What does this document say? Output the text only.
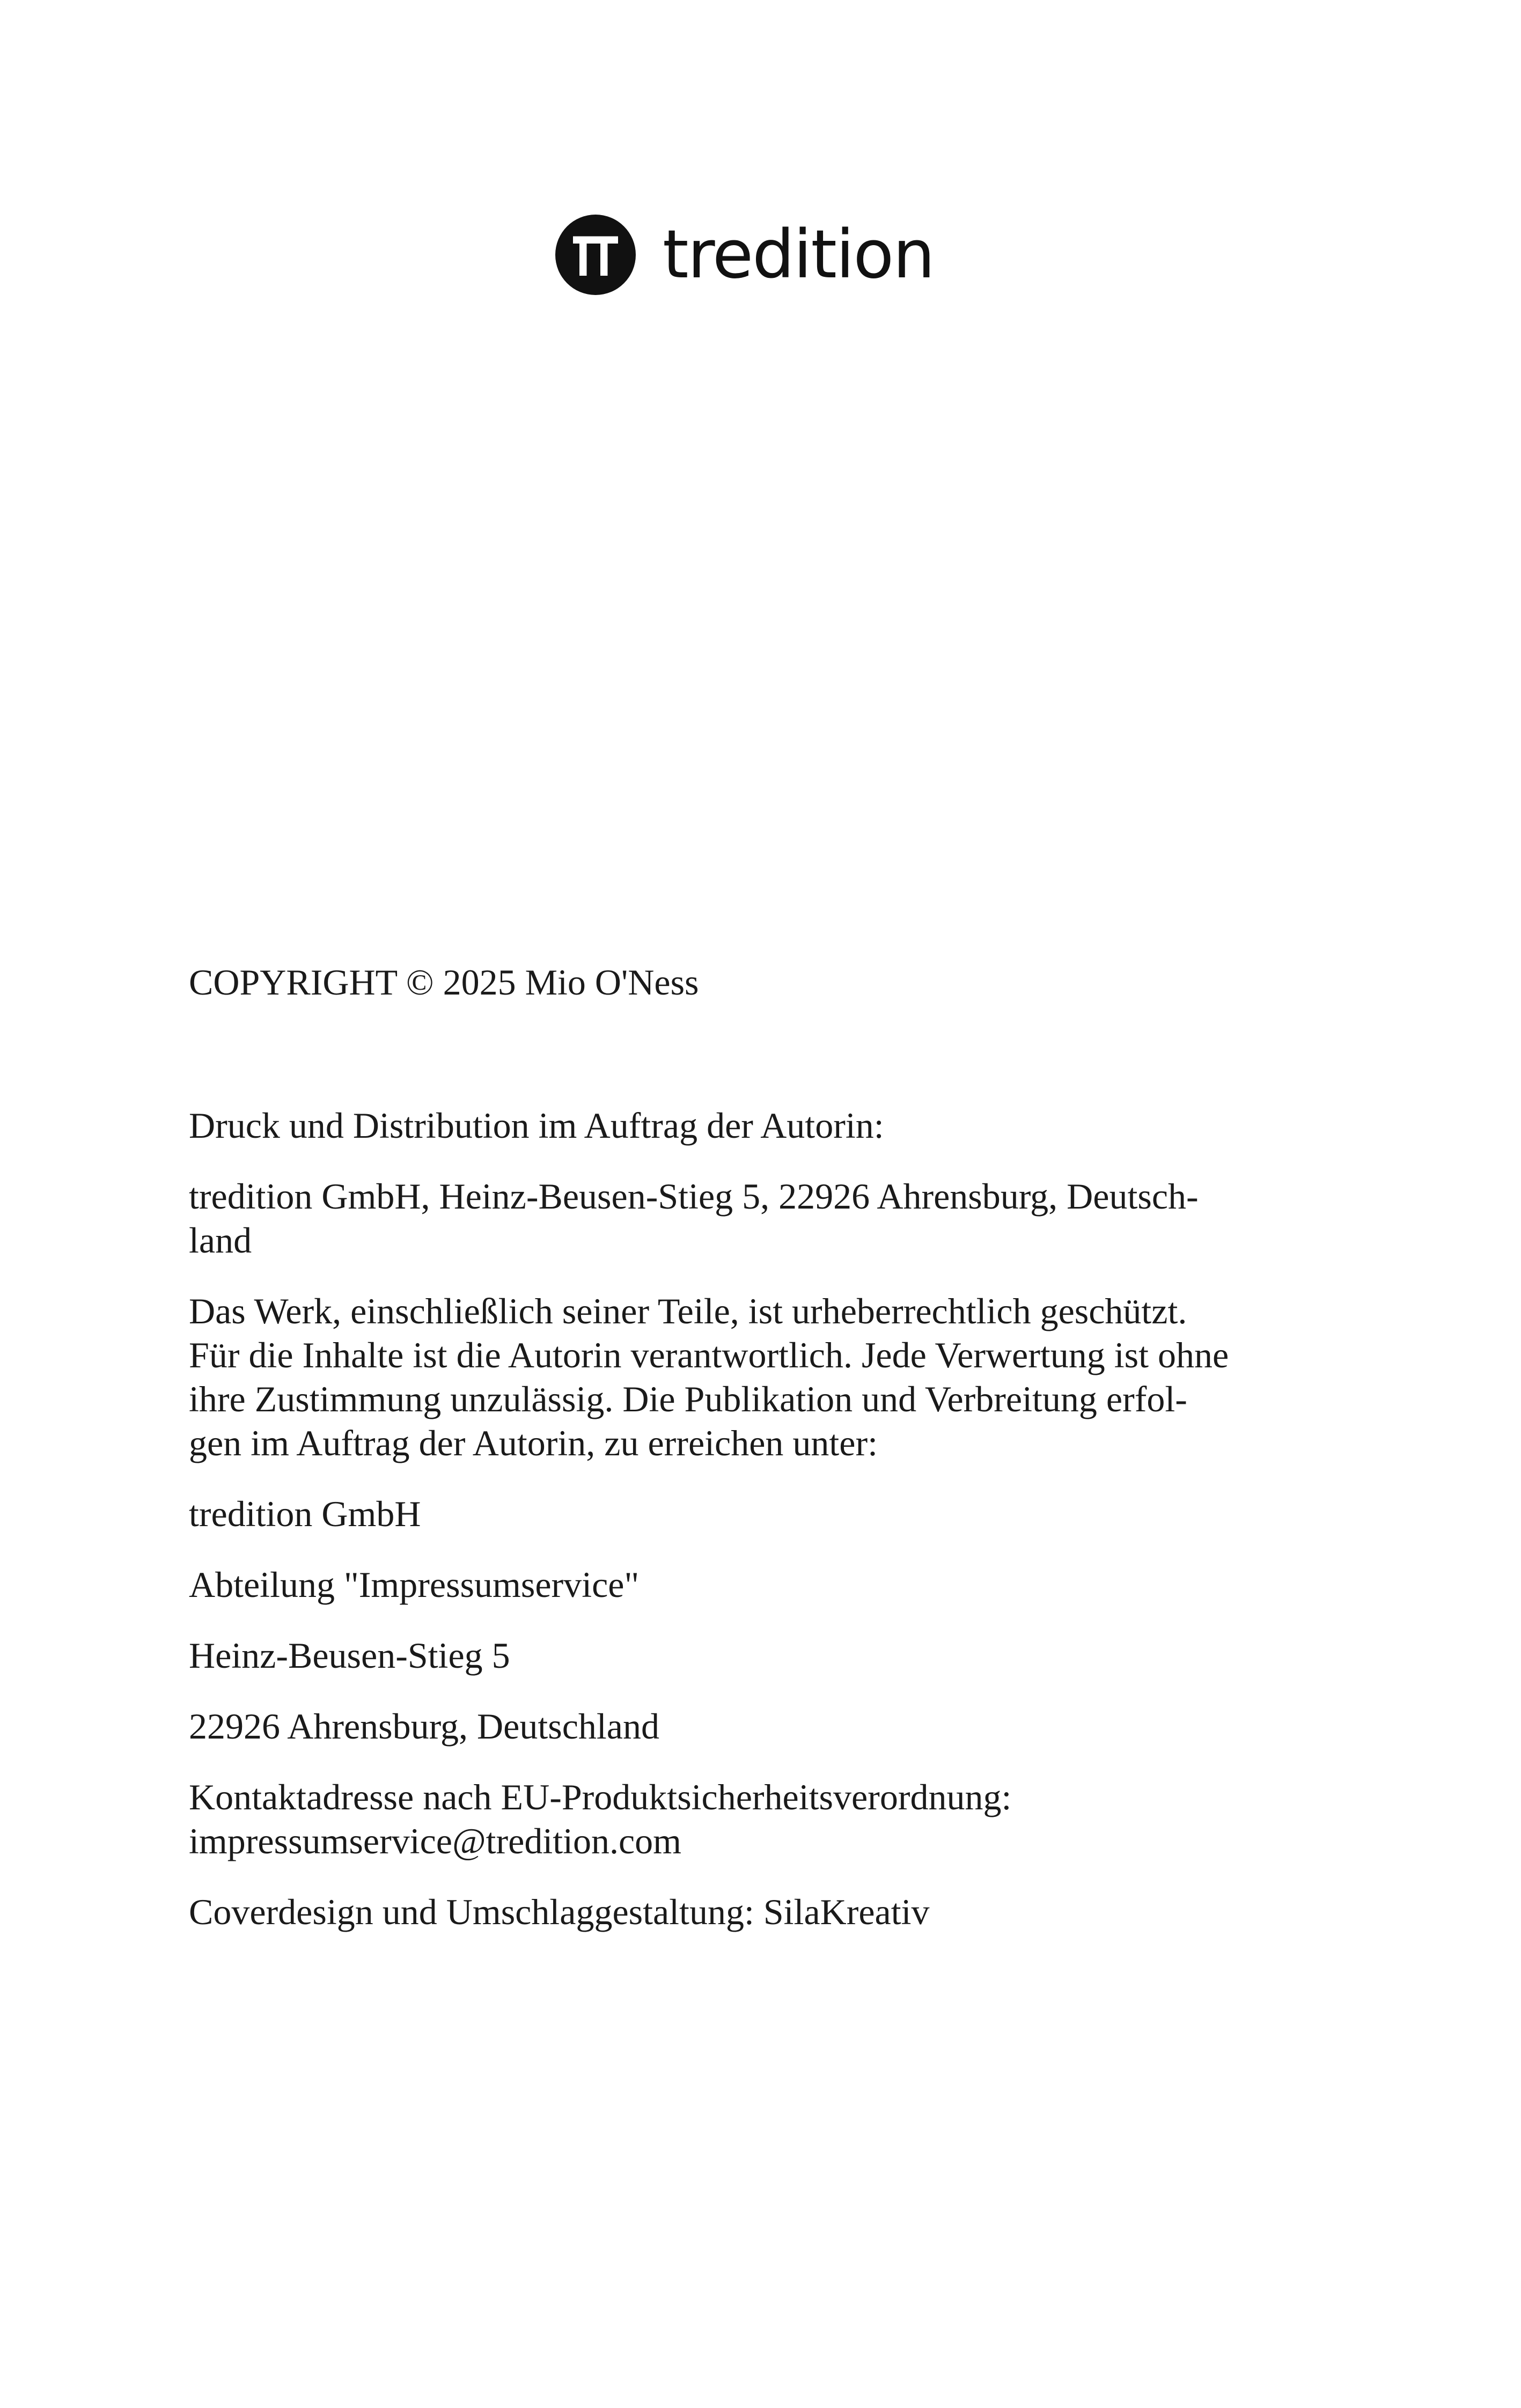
tredition

COPYRIGHT © 2025 Mio O'Ness

Druck und Distribution im Auftrag der Autorin:

tredition GmbH, Heinz-Beusen-Stieg 5, 22926 Ahrensburg, Deutsch-

land

Das Werk, einschließlich seiner Teile, ist urheberrechtlich geschützt.

Für die Inhalte ist die Autorin verantwortlich. Jede Verwertung ist ohne

ihre Zustimmung unzulässig. Die Publikation und Verbreitung erfol-

gen im Auftrag der Autorin, zu erreichen unter:

tredition GmbH

Abteilung "Impressumservice"

Heinz-Beusen-Stieg 5

22926 Ahrensburg, Deutschland

Kontaktadresse nach EU-Produktsicherheitsverordnung:

impressumservice@tredition.com

Coverdesign und Umschlaggestaltung: SilaKreativ
